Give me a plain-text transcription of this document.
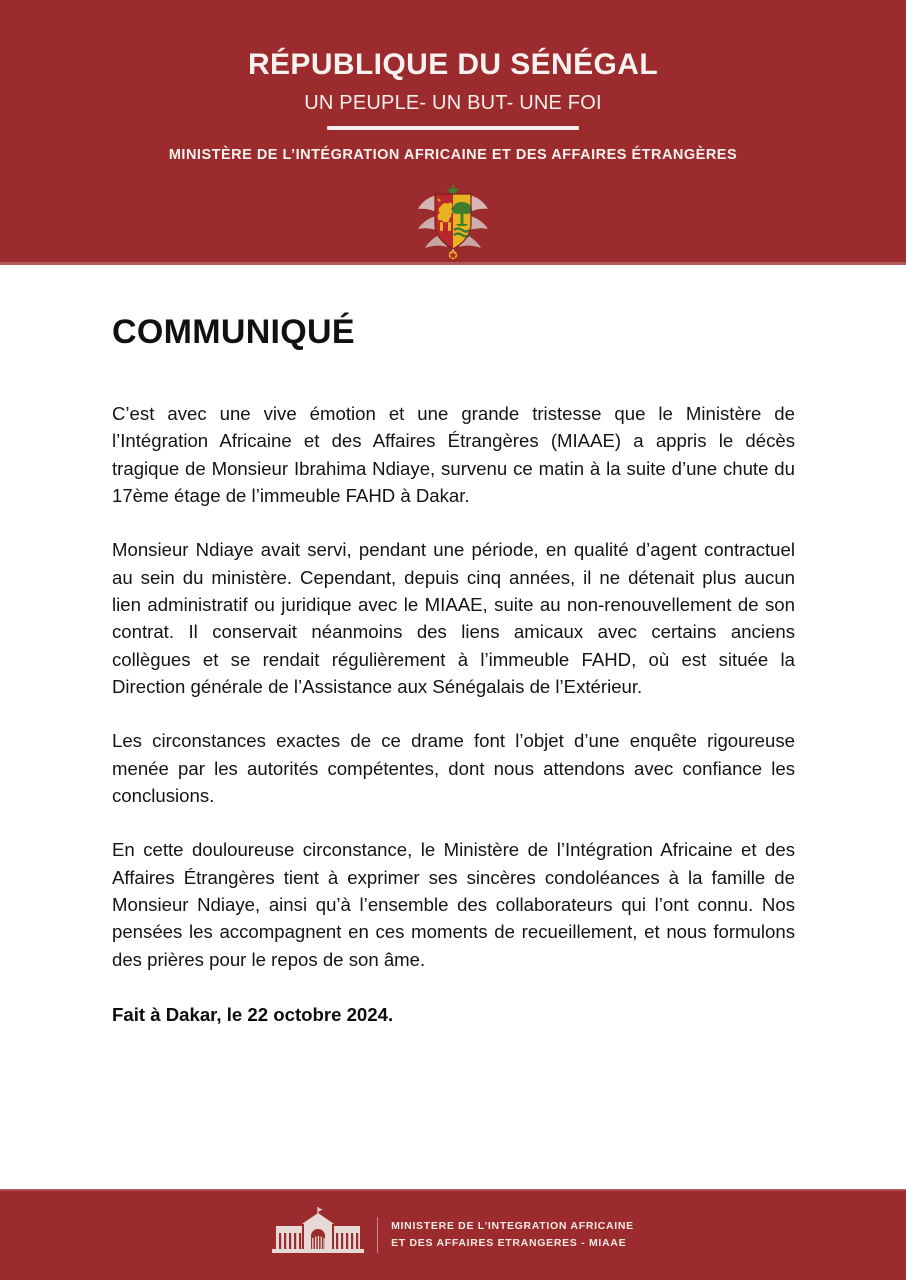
RÉPUBLIQUE DU SÉNÉGAL

UN PEUPLE- UN BUT- UNE FOI

MINISTÈRE DE L’INTÉGRATION AFRICAINE ET DES AFFAIRES ÉTRANGÈRES
COMMUNIQUÉ

C’est avec une vive émotion et une grande tristesse que le Ministère de l’Intégration Africaine et des Affaires Étrangères (MIAAE) a appris le décès tragique de Monsieur Ibrahima Ndiaye, survenu ce matin à la suite d’une chute du 17ème étage de l’immeuble FAHD à Dakar.

Monsieur Ndiaye avait servi, pendant une période, en qualité d’agent contractuel au sein du ministère. Cependant, depuis cinq années, il ne détenait plus aucun lien administratif ou juridique avec le MIAAE, suite au non-renouvellement de son contrat. Il conservait néanmoins des liens amicaux avec certains anciens collègues et se rendait régulièrement à l’immeuble FAHD, où est située la Direction générale de l’Assistance aux Sénégalais de l’Extérieur.

Les circonstances exactes de ce drame font l’objet d’une enquête rigoureuse menée par les autorités compétentes, dont nous attendons avec confiance les conclusions.

En cette douloureuse circonstance, le Ministère de l’Intégration Africaine et des Affaires Étrangères tient à exprimer ses sincères condoléances à la famille de Monsieur Ndiaye, ainsi qu’à l’ensemble des collaborateurs qui l’ont connu. Nos pensées les accompagnent en ces moments de recueillement, et nous formulons des prières pour le repos de son âme.

Fait à Dakar, le 22 octobre 2024.

MINISTERE DE L’INTEGRATION AFRICAINE
ET DES AFFAIRES ETRANGERES - MIAAE
